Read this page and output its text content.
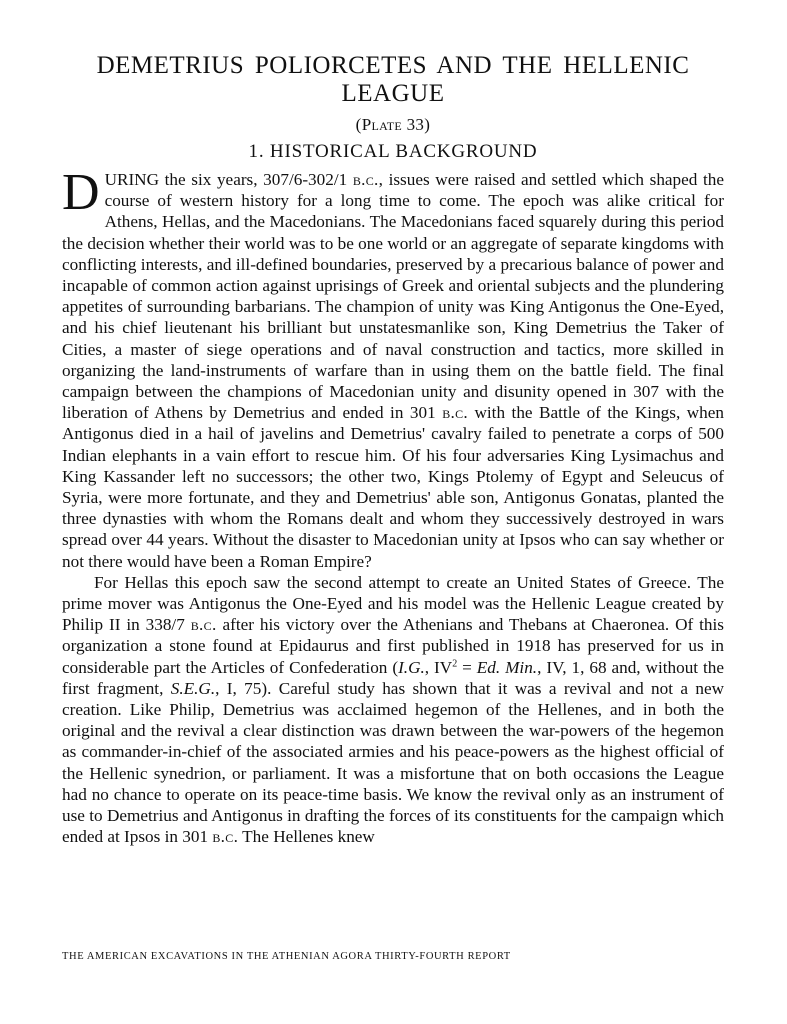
DEMETRIUS POLIORCETES AND THE HELLENIC
LEAGUE
(Plate 33)
1. HISTORICAL BACKGROUND

DURING the six years, 307/6-302/1 b.c., issues were raised and settled which shaped the course of western history for a long time to come. The epoch was alike critical for Athens, Hellas, and the Macedonians. The Macedonians faced squarely during this period the decision whether their world was to be one world or an aggregate of separate kingdoms with conflicting interests, and ill-defined boundaries, preserved by a precarious balance of power and incapable of common action against uprisings of Greek and oriental subjects and the plundering appetites of surrounding barbarians. The champion of unity was King Antigonus the One-Eyed, and his chief lieutenant his brilliant but unstatesmanlike son, King Demetrius the Taker of Cities, a master of siege operations and of naval construction and tactics, more skilled in organizing the land-instruments of warfare than in using them on the battle field. The final campaign between the champions of Macedonian unity and disunity opened in 307 with the liberation of Athens by Demetrius and ended in 301 b.c. with the Battle of the Kings, when Antigonus died in a hail of javelins and Demetrius' cavalry failed to penetrate a corps of 500 Indian elephants in a vain effort to rescue him. Of his four adversaries King Lysimachus and King Kassander left no successors; the other two, Kings Ptolemy of Egypt and Seleucus of Syria, were more fortunate, and they and Demetrius' able son, Antigonus Gonatas, planted the three dynasties with whom the Romans dealt and whom they successively destroyed in wars spread over 44 years. Without the disaster to Macedonian unity at Ipsos who can say whether or not there would have been a Roman Empire?

For Hellas this epoch saw the second attempt to create an United States of Greece. The prime mover was Antigonus the One-Eyed and his model was the Hellenic League created by Philip II in 338/7 b.c. after his victory over the Athenians and Thebans at Chaeronea. Of this organization a stone found at Epidaurus and first published in 1918 has preserved for us in considerable part the Articles of Confederation (I.G., $IV^2 = Ed$. Min., IV, 1, 68 and, without the first fragment, S.E.G., I, 75). Careful study has shown that it was a revival and not a new creation. Like Philip, Demetrius was acclaimed hegemon of the Hellenes, and in both the original and the revival a clear distinction was drawn between the war-powers of the hegemon as commander-in-chief of the associated armies and his peace-powers as the highest official of the Hellenic synedrion, or parliament. It was a misfortune that on both occasions the League had no chance to operate on its peace-time basis. We know the revival only as an instrument of use to Demetrius and Antigonus in drafting the forces of its constituents for the campaign which ended at Ipsos in 301 b.c. The Hellenes knew

THE AMERICAN EXCAVATIONS IN THE ATHENIAN AGORA THIRTY-FOURTH REPORT
